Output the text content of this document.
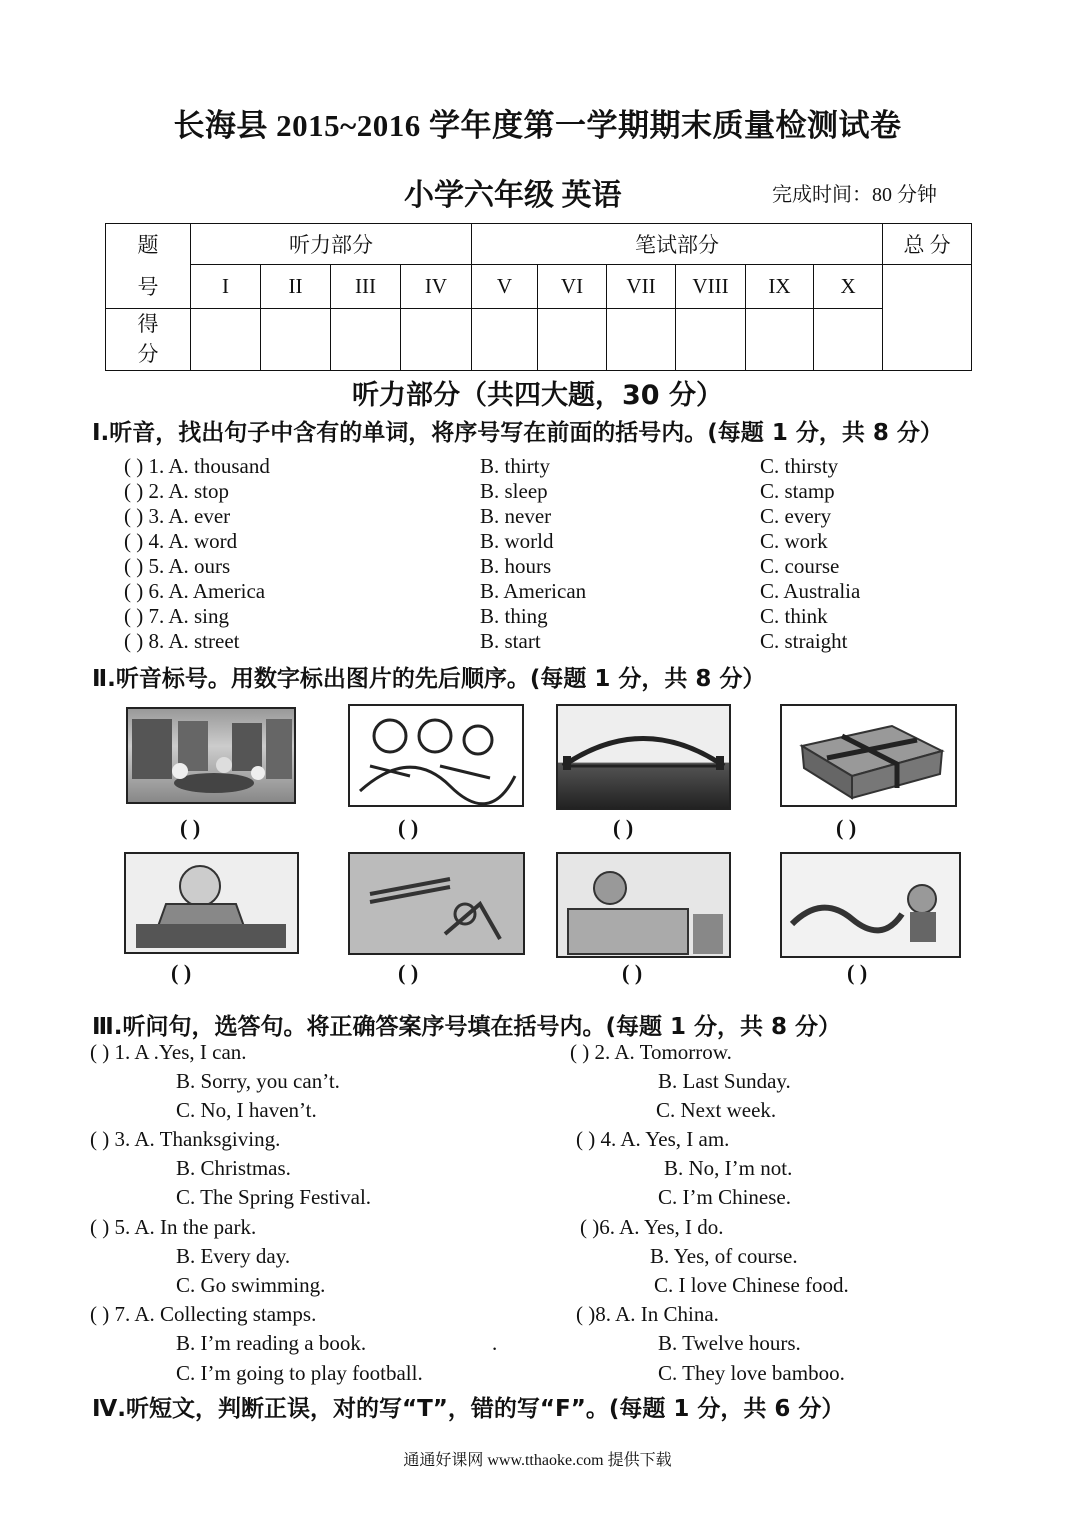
长海县 2015~2016 学年度第一学期期末质量检测试卷
小学六年级 英语	完成时间：80 分钟
题	听力部分				笔试部分						总 分
号	I	II	III	IV	V	VI	VII	VIII	IX	X	
得
分											
听力部分（共四大题，30 分）
Ⅰ.听音，找出句子中含有的单词，将序号写在前面的括号内。(每题 1 分，共 8 分）
( ) 1. A. thousand	B. thirty	C. thirsty
( ) 2. A. stop	B. sleep	C. stamp
( ) 3. A. ever	B. never	C. every
( ) 4. A. word	B. world	C. work
( ) 5. A. ours	B. hours	C. course
( ) 6. A. America	B. American	C. Australia
( ) 7. A. sing	B. thing	C. think
( ) 8. A. street	B. start	C. straight
Ⅱ.听音标号。用数字标出图片的先后顺序。(每题 1 分，共 8 分）
( )	( )	( )	( )
( )	( )	( )	( )
Ⅲ.听问句，选答句。将正确答案序号填在括号内。(每题 1 分，共 8 分）
( ) 1. A .Yes, I can.
B. Sorry, you can’t.
C. No, I haven’t.
( ) 3. A. Thanksgiving.
B. Christmas.
C. The Spring Festival.
( ) 5. A. In the park.
B. Every day.
C. Go swimming.
( ) 7. A. Collecting stamps.
B. I’m reading a book.
C. I’m going to play football.
.
( ) 2. A. Tomorrow.
B. Last Sunday.
C. Next week.
( ) 4. A. Yes, I am.
B. No, I’m not.
C. I’m Chinese.
( )6. A. Yes, I do.
B. Yes, of course.
C. I love Chinese food.
( )8. A. In China.
B. Twelve hours.
C. They love bamboo.
Ⅳ.听短文，判断正误，对的写“T”，错的写“F”。(每题 1 分，共 6 分）
通通好课网 www.tthaoke.com 提供下载
